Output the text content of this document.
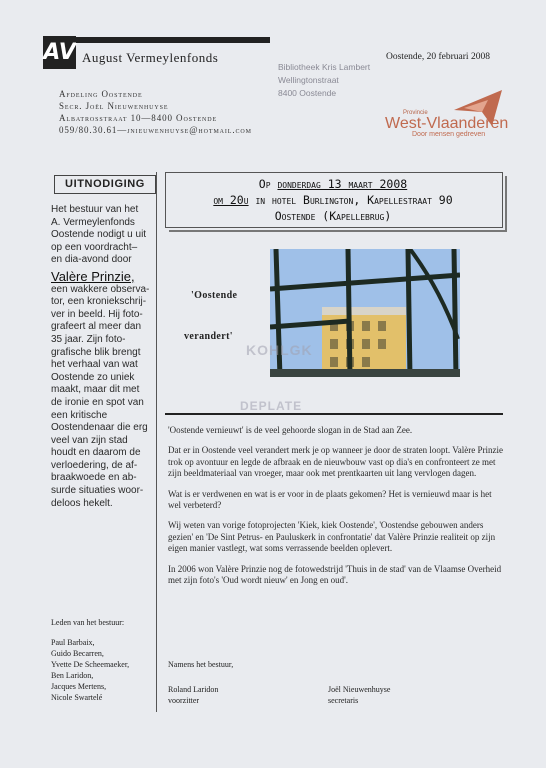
AV August Vermeylenfonds	Oostende, 20 februari 2008
Afdeling Oostende
Secr. Joël Nieuwenhuyse
Albatrosstraat 10—8400 Oostende
059/80.30.61—jnieuwenhuyse@hotmail.com
Bibliotheek Kris Lambert
Wellingtonstraat
8400 Oostende
Provincie
West-Vlaanderen
Door mensen gedreven
UITNODIGING
Het bestuur van het
A. Vermeylenfonds
Oostende nodigt u uit
op een voordracht–
en dia-avond door
Valère Prinzie,
een wakkere observa-
tor, een kroniekschrij-
ver in beeld. Hij foto-
grafeert al meer dan
35 jaar. Zijn foto-
grafische blik brengt
het verhaal van wat
Oostende zo uniek
maakt, maar dit met
de ironie en spot van
een kritische
Oostendenaar die erg
veel van zijn stad
houdt en daarom de
verloedering, de af-
braakwoede en ab-
surde situaties woor-
deloos hekelt.
Leden van het bestuur:
Paul Barbaix,
Guido Becarren,
Yvette De Scheemaeker,
Ben Laridon,
Jacques Mertens,
Nicole Swartelé
Op donderdag 13 maart 2008
om 20u in hotel Burlington, Kapellestraat 90
Oostende (Kapellebrug)
'Oostende
verandert'
KOHLGK
DEPLATE

'Oostende vernieuwt' is de veel gehoorde slogan in de Stad aan Zee.

Dat er in Oostende veel verandert merk je op wanneer je door de straten loopt. Valère Prinzie trok op avontuur en legde de afbraak en de nieuwbouw vast op dia's en confronteert ze met zijn beeldmateriaal van vroeger, maar ook met prentkaarten uit lang vervlogen dagen.

Wat is er verdwenen en wat is er voor in de plaats gekomen? Het is vernieuwd maar is het wel verbeterd?

Wij weten van vorige fotoprojecten 'Kiek, kiek Oostende', 'Oostendse gebouwen anders gezien' en 'De Sint Petrus- en Pauluskerk in confrontatie' dat Valère Prinzie realiteit op zijn eigen manier vastlegt, wat soms verrassende beelden oplevert.

In 2006 won Valère Prinzie nog de fotowedstrijd 'Thuis in de stad' van de Vlaamse Overheid met zijn foto's 'Oud wordt nieuw' en Jong en oud'.

Namens het bestuur,
Roland Laridon
voorzitter
Joël Nieuwenhuyse
secretaris
